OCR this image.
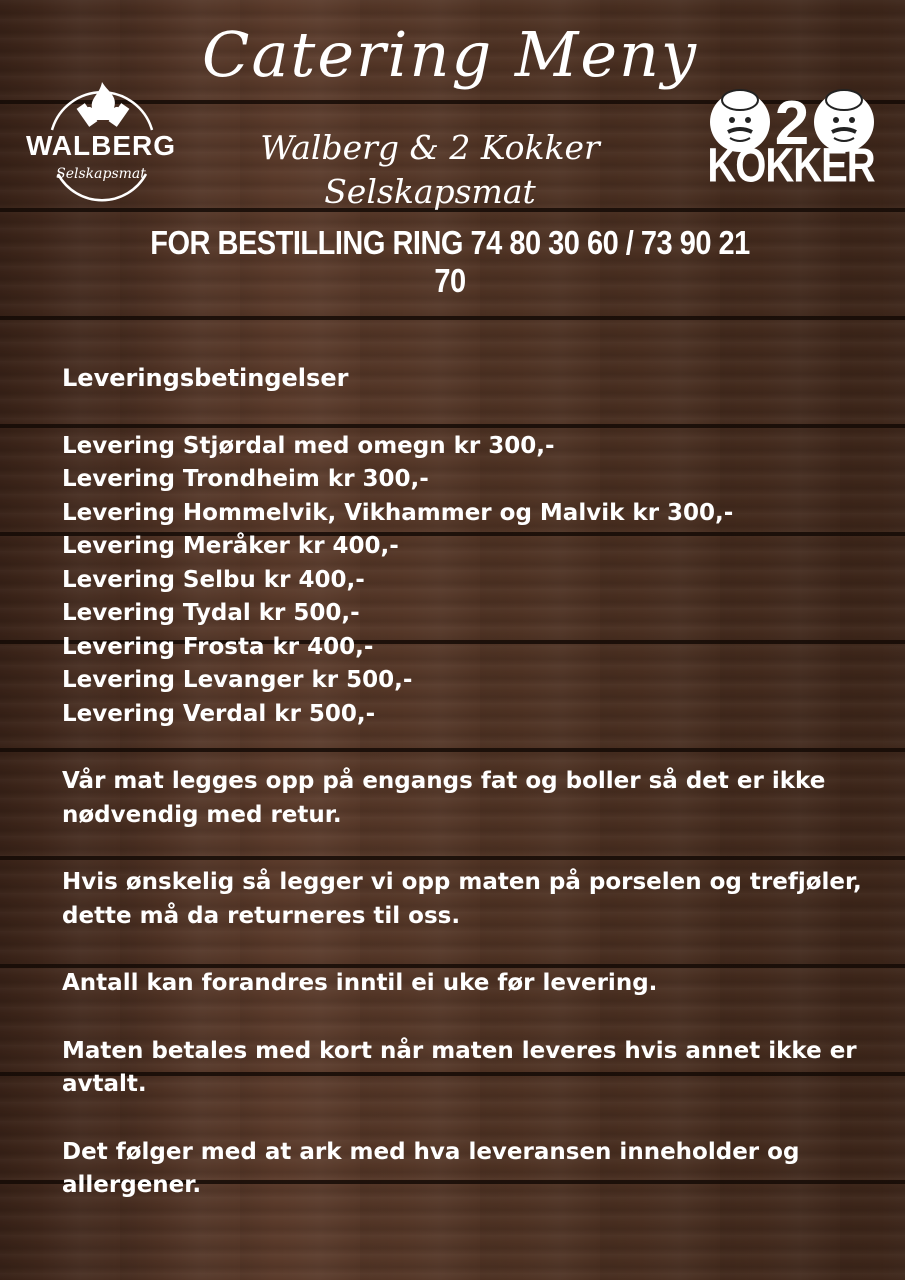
Catering Meny
Walberg & 2 Kokker
Selskapsmat
FOR BESTILLING RING 74 80 30 60 / 73 90 21 70
WALBERG
Selskapsmat
2
KOKKER
Leveringsbetingelser
Levering Stjørdal med omegn kr 300,-
Levering Trondheim kr 300,-
Levering Hommelvik, Vikhammer og Malvik kr 300,-
Levering Meråker kr 400,-
Levering Selbu kr 400,-
Levering Tydal kr 500,-
Levering Frosta kr 400,-
Levering Levanger kr 500,-
Levering Verdal kr 500,-

Vår mat legges opp på engangs fat og boller så det er ikke nødvendig med retur.

Hvis ønskelig så legger vi opp maten på porselen og trefjøler, dette må da returneres til oss.

Antall kan forandres inntil ei uke før levering.

Maten betales med kort når maten leveres hvis annet ikke er avtalt.

Det følger med at ark med hva leveransen inneholder og allergener.
